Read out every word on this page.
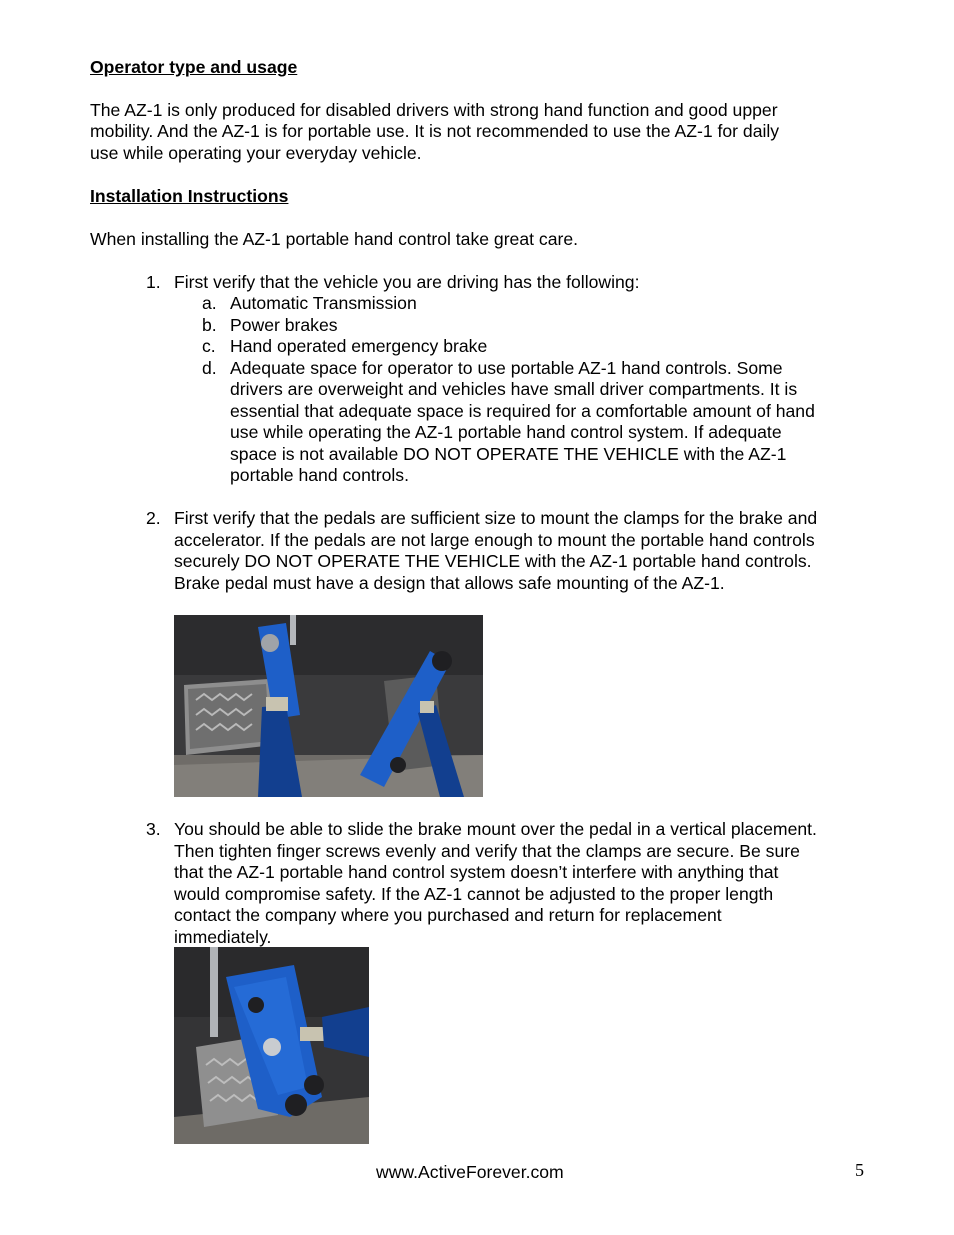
Operator type and usage
The AZ-1 is only produced for disabled drivers with strong hand function and good upper
mobility. And the AZ-1 is for portable use. It is not recommended to use the AZ-1 for daily
use while operating your everyday vehicle.
Installation Instructions
When installing the AZ-1 portable hand control take great care.
1. First verify that the vehicle you are driving has the following:
a. Automatic Transmission
b. Power brakes
c. Hand operated emergency brake
d. Adequate space for operator to use portable AZ-1 hand controls. Some
drivers are overweight and vehicles have small driver compartments. It is
essential that adequate space is required for a comfortable amount of hand
use while operating the AZ-1 portable hand control system. If adequate
space is not available DO NOT OPERATE THE VEHICLE with the AZ-1
portable hand controls.
2. First verify that the pedals are sufficient size to mount the clamps for the brake and
accelerator. If the pedals are not large enough to mount the portable hand controls
securely DO NOT OPERATE THE VEHICLE with the AZ-1 portable hand controls.
Brake pedal must have a design that allows safe mounting of the AZ-1.
3. You should be able to slide the brake mount over the pedal in a vertical placement.
Then tighten finger screws evenly and verify that the clamps are secure. Be sure
that the AZ-1 portable hand control system doesn’t interfere with anything that
would compromise safety. If the AZ-1 cannot be adjusted to the proper length
contact the company where you purchased and return for replacement
immediately.
www.ActiveForever.com	5
